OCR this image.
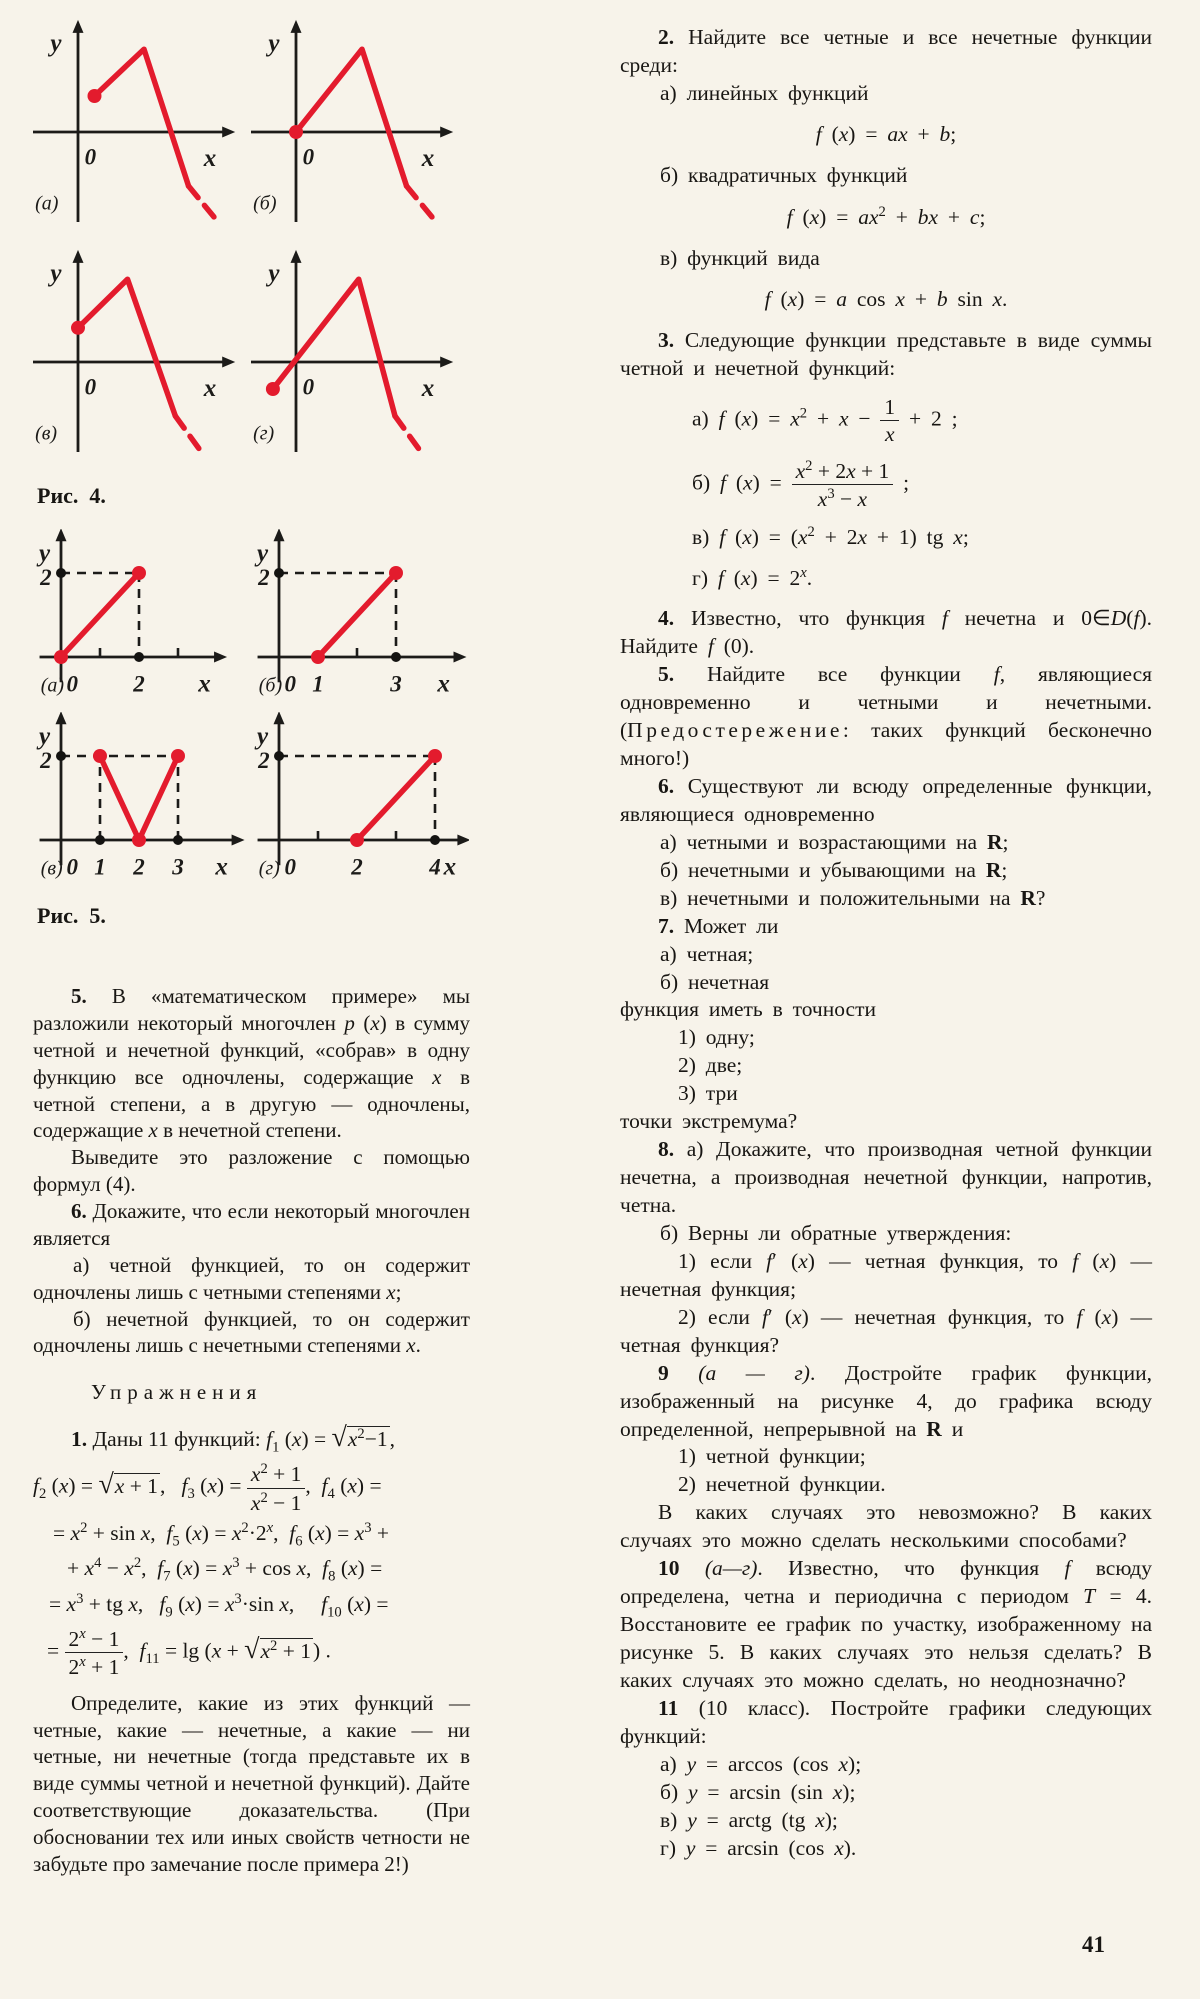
y
x
0
(а)
y
x
0
(б)
y
x
0
(в)
y
x
0
(г)
Рис.  4.
y
2
x
0 2
(а)
y
2
x
0 1	3
(б)
y
2
x
0 1 2 3
(в)
y
2
x
0 2	4
(г)
Рис.  5.

5. В «математическом примере» мы разложили некоторый многочлен p (x) в сумму четной и нечетной функций, «собрав» в одну функцию все одночлены, содержащие x в четной степени, а в другую — одночлены, содержащие x в нечетной степени.

Выведите это разложение с помощью формул (4).

6. Докажите, что если некоторый многочлен является

а) четной функцией, то он содержит одночлены лишь с четными степенями x;

б) нечетной функцией, то он содержит одночлены лишь с нечетными степенями x.

Упражнения

1. Даны 11 функций: $f_1$ $(x) = √x^2-1$,
$f_2$ (x) = √x + 1,   $f_3$ $(x) = \frac{x^2 + 1}{x^2 - 1}$ ,  $f_4$ (x) =
= $x^2 + \sin x$,  $f_5$ $(x) = x^2\cdot 2^x$,  $f_6$ $(x) = x^3$ +
+ $x^4 - x^2$,  $f_7$ $(x) = x^3 + \cos x$,  $f_8$ (x) =
= $x^3$ + tg x,   $f_9$ $(x) = x^3\cdot\sin$ x,     $f_{10}$ (x) =
= $\frac{2^x - 1}{2^x + 1}$ ,  $f_{11} = \lg (x + √x^2 + 1)$ .

Определите, какие из этих функций — четные, какие — нечетные, а какие — ни четные, ни нечетные (тогда представьте их в виде суммы четной и нечетной функций). Дайте соответствующие доказательства. (При обосновании тех или иных свойств четности не забудьте про замечание после примера 2!)

2. Найдите все четные и все нечетные функции среди:

а) линейных функций

f (x) = ax + b;

б) квадратичных функций

f $(x) = ax^2$ + bx + c;

в) функций вида

f (x) = a cos x + b sin x.

3. Следующие функции представьте в виде суммы четной и нечетной функций:

а) f $(x) = x^2 + x - \frac{1}{x} + 2$ ;

б) f $(x) = \frac{x^2 + 2x + 1}{x^3 - x}$ ;

в) f $(x) = (x^2 + 2x + 1)$ tg x;

г) f $(x) = 2^x$.

4. Известно, что функция f нечетна и 0∈D(f). Найдите f (0).

5. Найдите все функции f, являющиеся одновременно и четными и нечетными. (Предостережение: таких функций бесконечно много!)

6. Существуют ли всюду определенные функции, являющиеся одновременно

а) четными и возрастающими на R;

б) нечетными и убывающими на R;

в) нечетными и положительными на R?

7. Может ли

а) четная;

б) нечетная

функция иметь в точности

1) одну;

2) две;

3) три

точки экстремума?

8. а) Докажите, что производная четной функции нечетна, а производная нечетной функции, напротив, четна.

б) Верны ли обратные утверждения:

1) если f′ (x) — четная функция, то f (x) — нечетная функция;

2) если f′ (x) — нечетная функция, то f (x) — четная функция?

9 (а — г). Достройте график функции, изображенный на рисунке 4, до графика всюду определенной, непрерывной на R и

1) четной функции;

2) нечетной функции.

В каких случаях это невозможно? В каких случаях это можно сделать несколькими способами?

10 (а—г). Известно, что функция f всюду определена, четна и периодична с периодом T = 4. Восстановите ее график по участку, изображенному на рисунке 5. В каких случаях это нельзя сделать? В каких случаях это можно сделать, но неоднозначно?

11 (10 класс). Постройте графики следующих функций:

а) y = arccos (cos x);

б) y = arcsin (sin x);

в) y = arctg (tg x);

г) y = arcsin (cos x).

41
